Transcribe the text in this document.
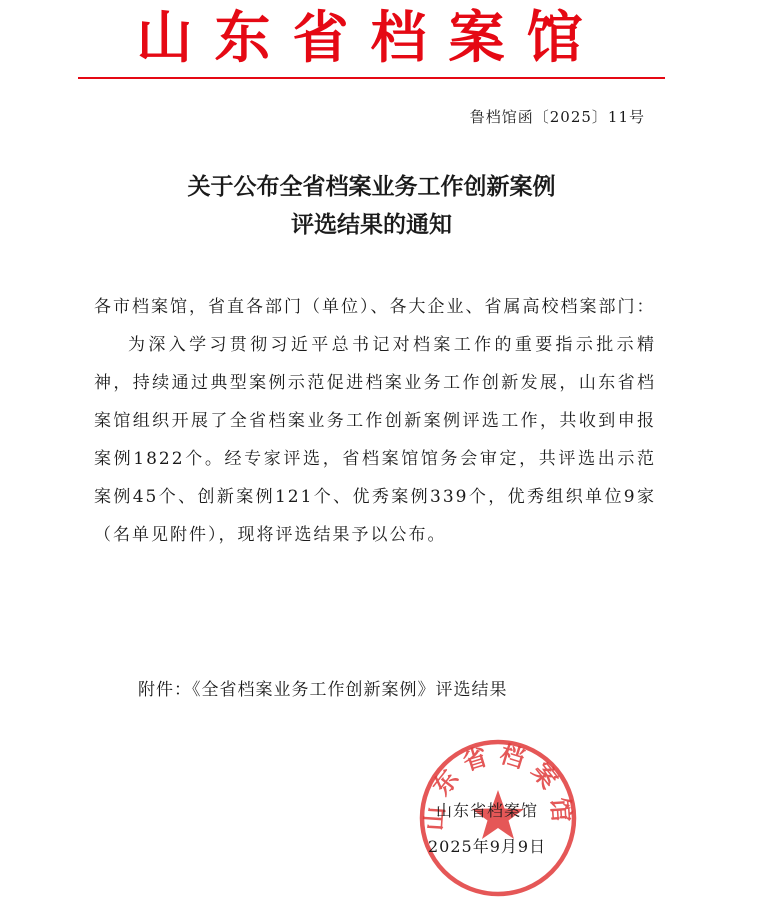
山东省档案馆
鲁档馆函〔2025〕11号
关于公布全省档案业务工作创新案例
评选结果的通知

各市档案馆，省直各部门（单位）、各大企业、省属高校档案部门：

为深入学习贯彻习近平总书记对档案工作的重要指示批示精神，持续通过典型案例示范促进档案业务工作创新发展，山东省档案馆组织开展了全省档案业务工作创新案例评选工作，共收到申报案例1822个。经专家评选，省档案馆馆务会审定，共评选出示范案例45个、创新案例121个、优秀案例339个，优秀组织单位9家（名单见附件），现将评选结果予以公布。

附件：《全省档案业务工作创新案例》评选结果
山东省档案馆
山东省档案馆
2025年9月9日
